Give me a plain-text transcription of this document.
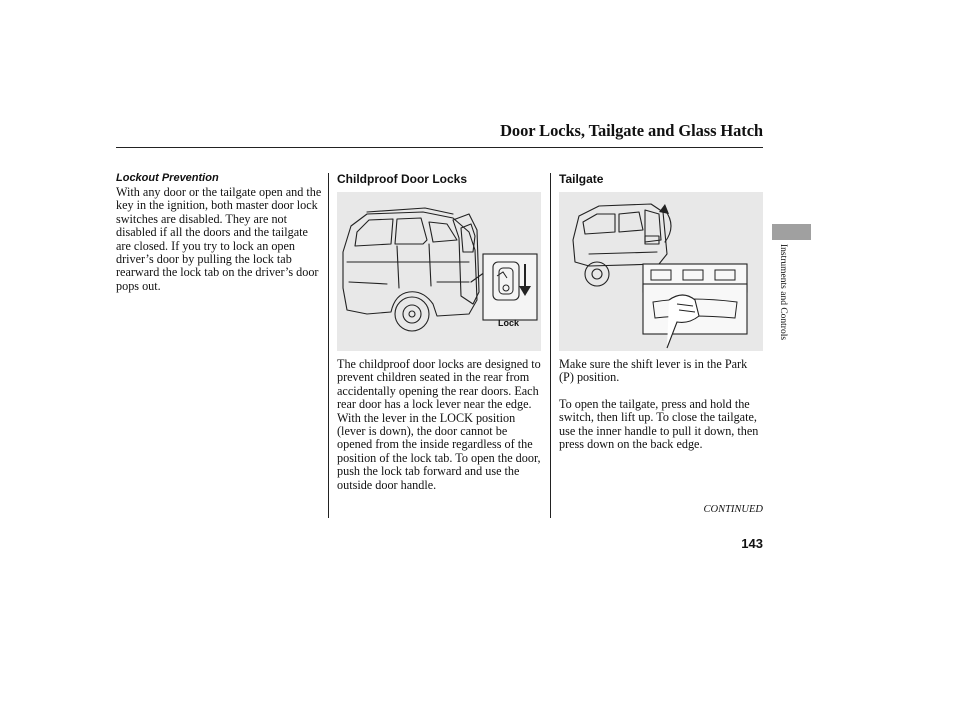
Door Locks, Tailgate and Glass Hatch

Lockout Prevention

With any door or the tailgate open and the key in the ignition, both master door lock switches are disabled. They are not disabled if all the doors and the tailgate are closed. If you try to lock an open driver’s door by pulling the lock tab rearward the lock tab on the driver’s door pops out.

Childproof Door Locks

Lock

The childproof door locks are designed to prevent children seated in the rear from accidentally opening the rear doors. Each rear door has a lock lever near the edge. With the lever in the LOCK position (lever is down), the door cannot be opened from the inside regardless of the position of the lock tab. To open the door, push the lock tab forward and use the outside door handle.

Tailgate

Make sure the shift lever is in the Park (P) position.

To open the tailgate, press and hold the switch, then lift up. To close the tailgate, use the inner handle to pull it down, then press down on the back edge.

CONTINUED
143
Instruments and Controls
